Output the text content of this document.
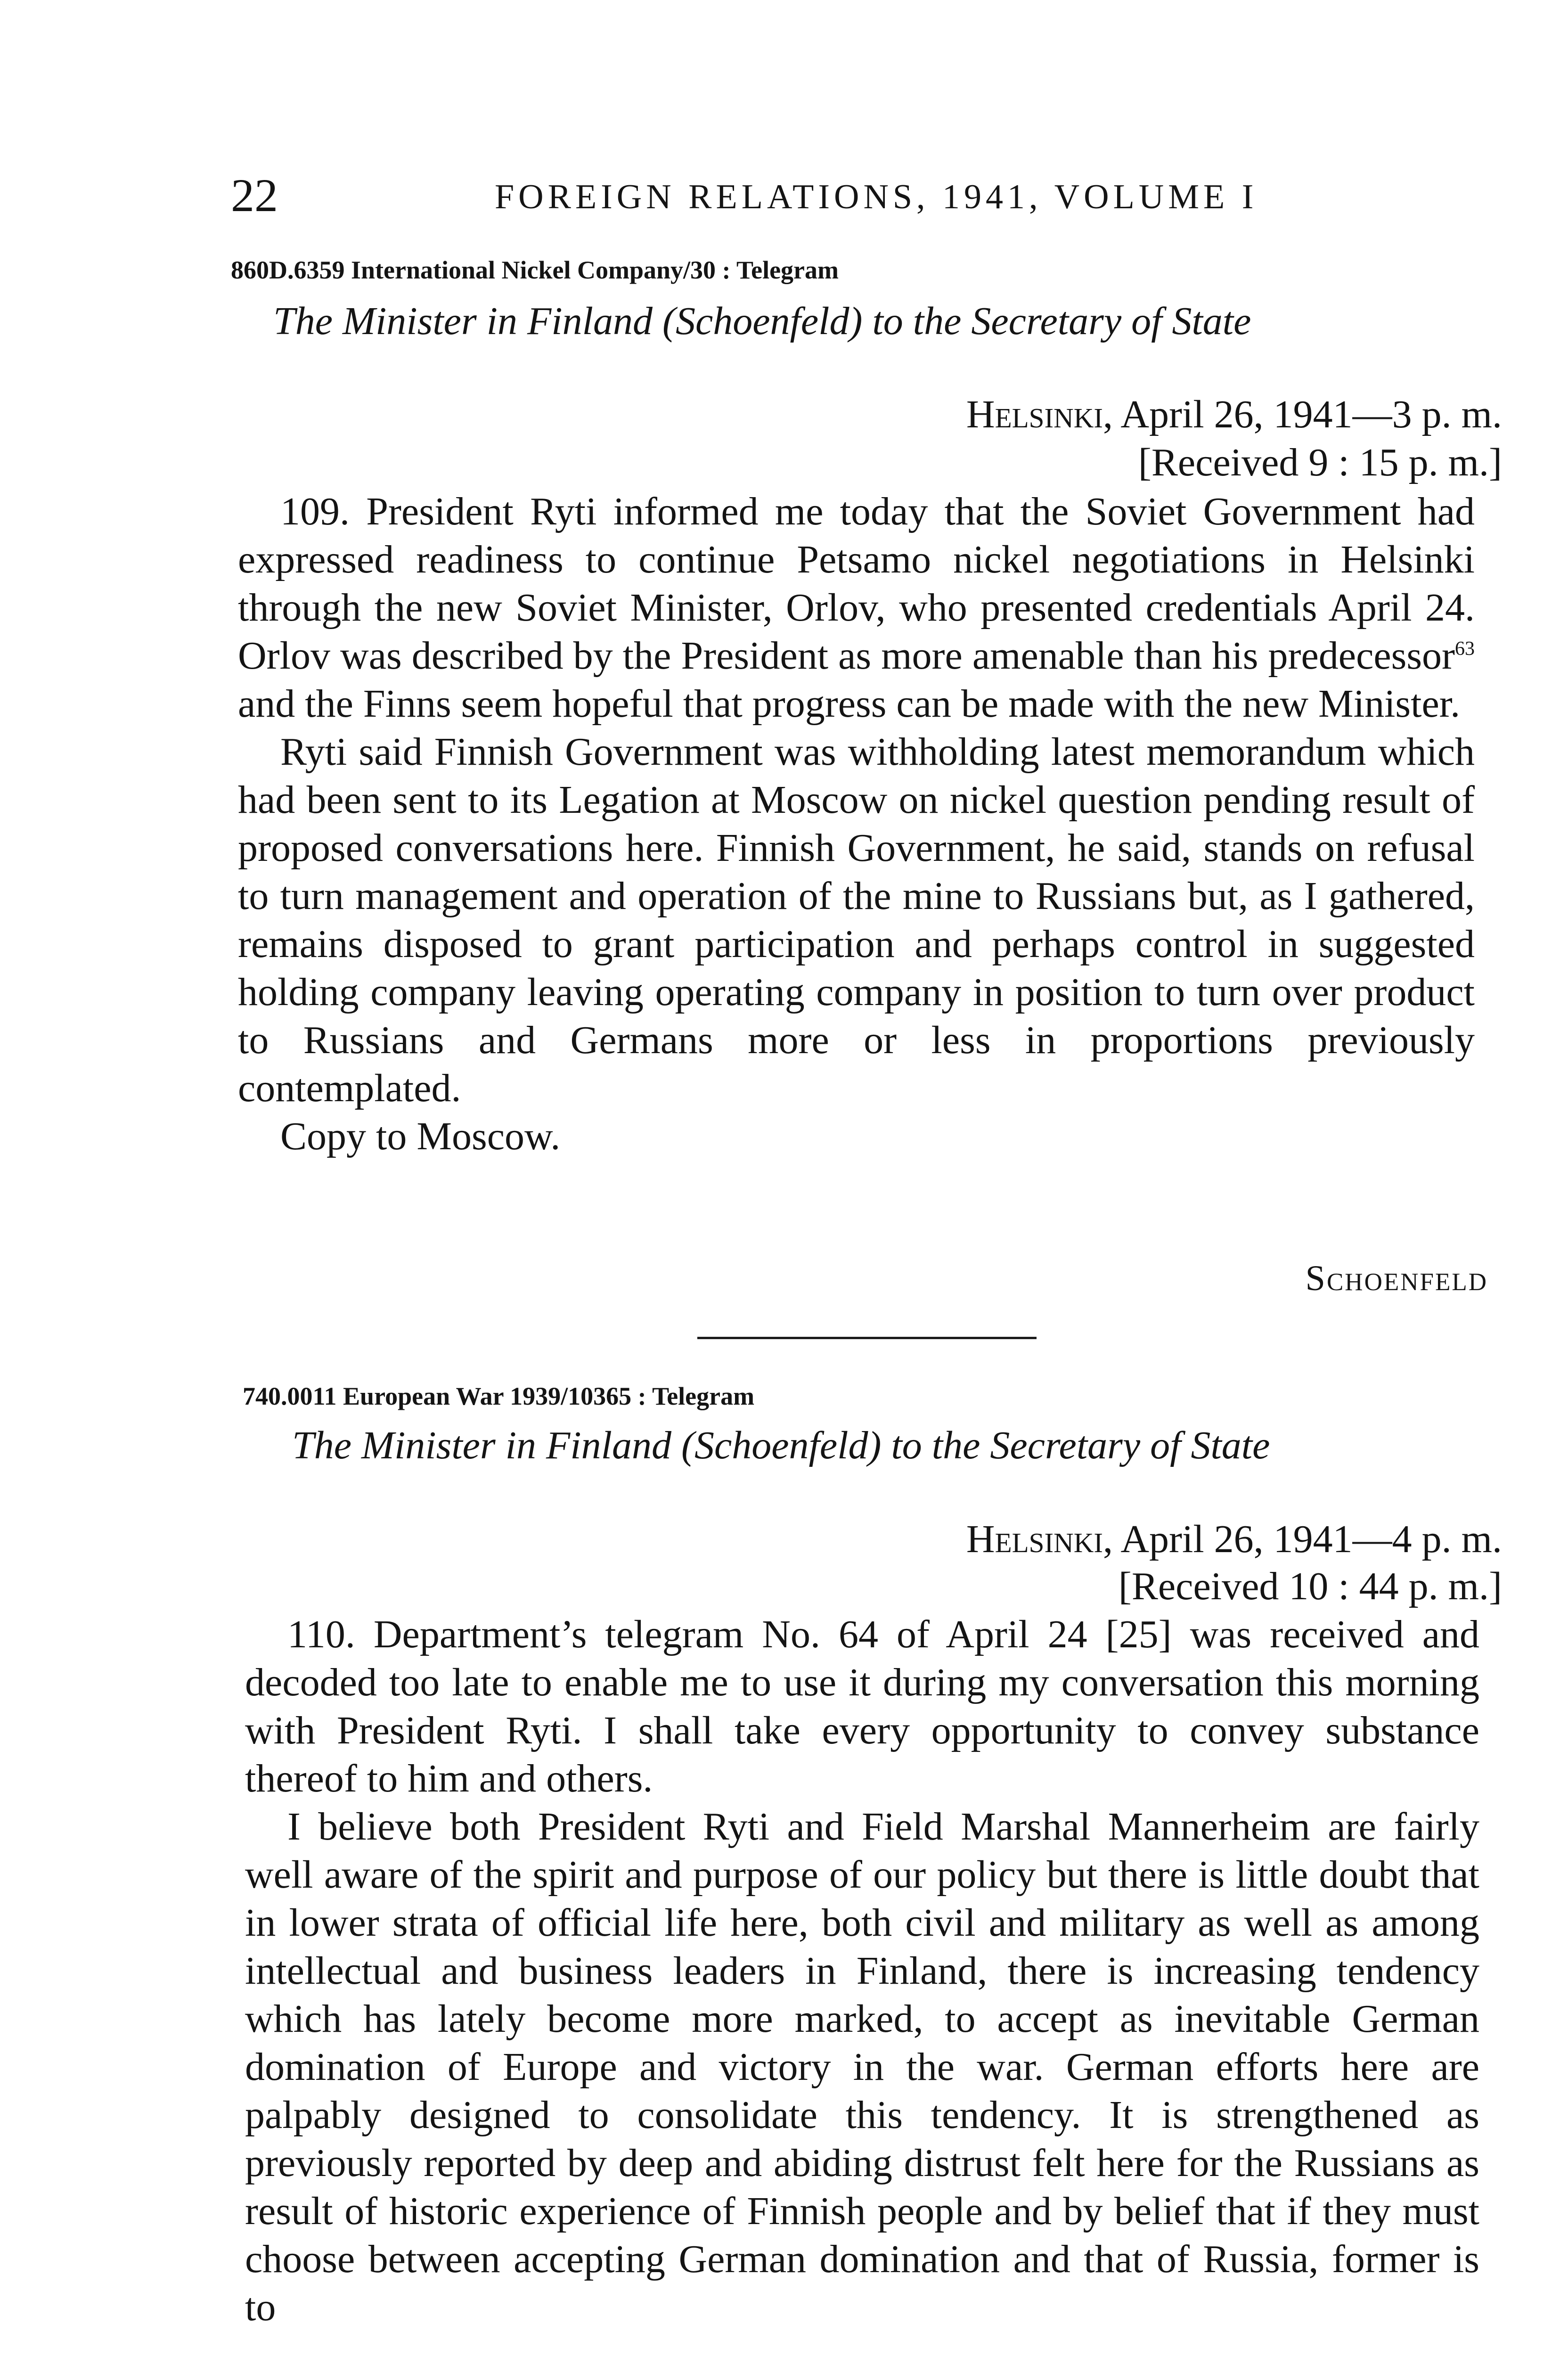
22	FOREIGN RELATIONS, 1941, VOLUME I
860D.6359 International Nickel Company/30 : Telegram
The Minister in Finland (Schoenfeld) to the Secretary of State
Helsinki, April 26, 1941—3 p. m.
[Received 9 : 15 p. m.]

109. President Ryti informed me today that the Soviet Government had expressed readiness to continue Petsamo nickel negotiations in Helsinki through the new Soviet Minister, Orlov, who presented credentials April 24. Orlov was described by the President as more amenable than his predecessor$^{63}$ and the Finns seem hopeful that progress can be made with the new Minister.

Ryti said Finnish Government was withholding latest memorandum which had been sent to its Legation at Moscow on nickel question pending result of proposed conversations here. Finnish Government, he said, stands on refusal to turn management and operation of the mine to Russians but, as I gathered, remains disposed to grant participation and perhaps control in suggested holding company leaving operating company in position to turn over product to Russians and Germans more or less in proportions previously contemplated.

Copy to Moscow.

Schoenfeld
740.0011 European War 1939/10365 : Telegram
The Minister in Finland (Schoenfeld) to the Secretary of State
Helsinki, April 26, 1941—4 p. m.
[Received 10 : 44 p. m.]

110. Department’s telegram No. 64 of April 24 [25] was received and decoded too late to enable me to use it during my conversation this morning with President Ryti. I shall take every opportunity to convey substance thereof to him and others.

I believe both President Ryti and Field Marshal Mannerheim are fairly well aware of the spirit and purpose of our policy but there is little doubt that in lower strata of official life here, both civil and military as well as among intellectual and business leaders in Finland, there is increasing tendency which has lately become more marked, to accept as inevitable German domination of Europe and victory in the war. German efforts here are palpably designed to consolidate this tendency. It is strengthened as previously reported by deep and abiding distrust felt here for the Russians as result of historic experience of Finnish people and by belief that if they must choose between accepting German domination and that of Russia, former is to
